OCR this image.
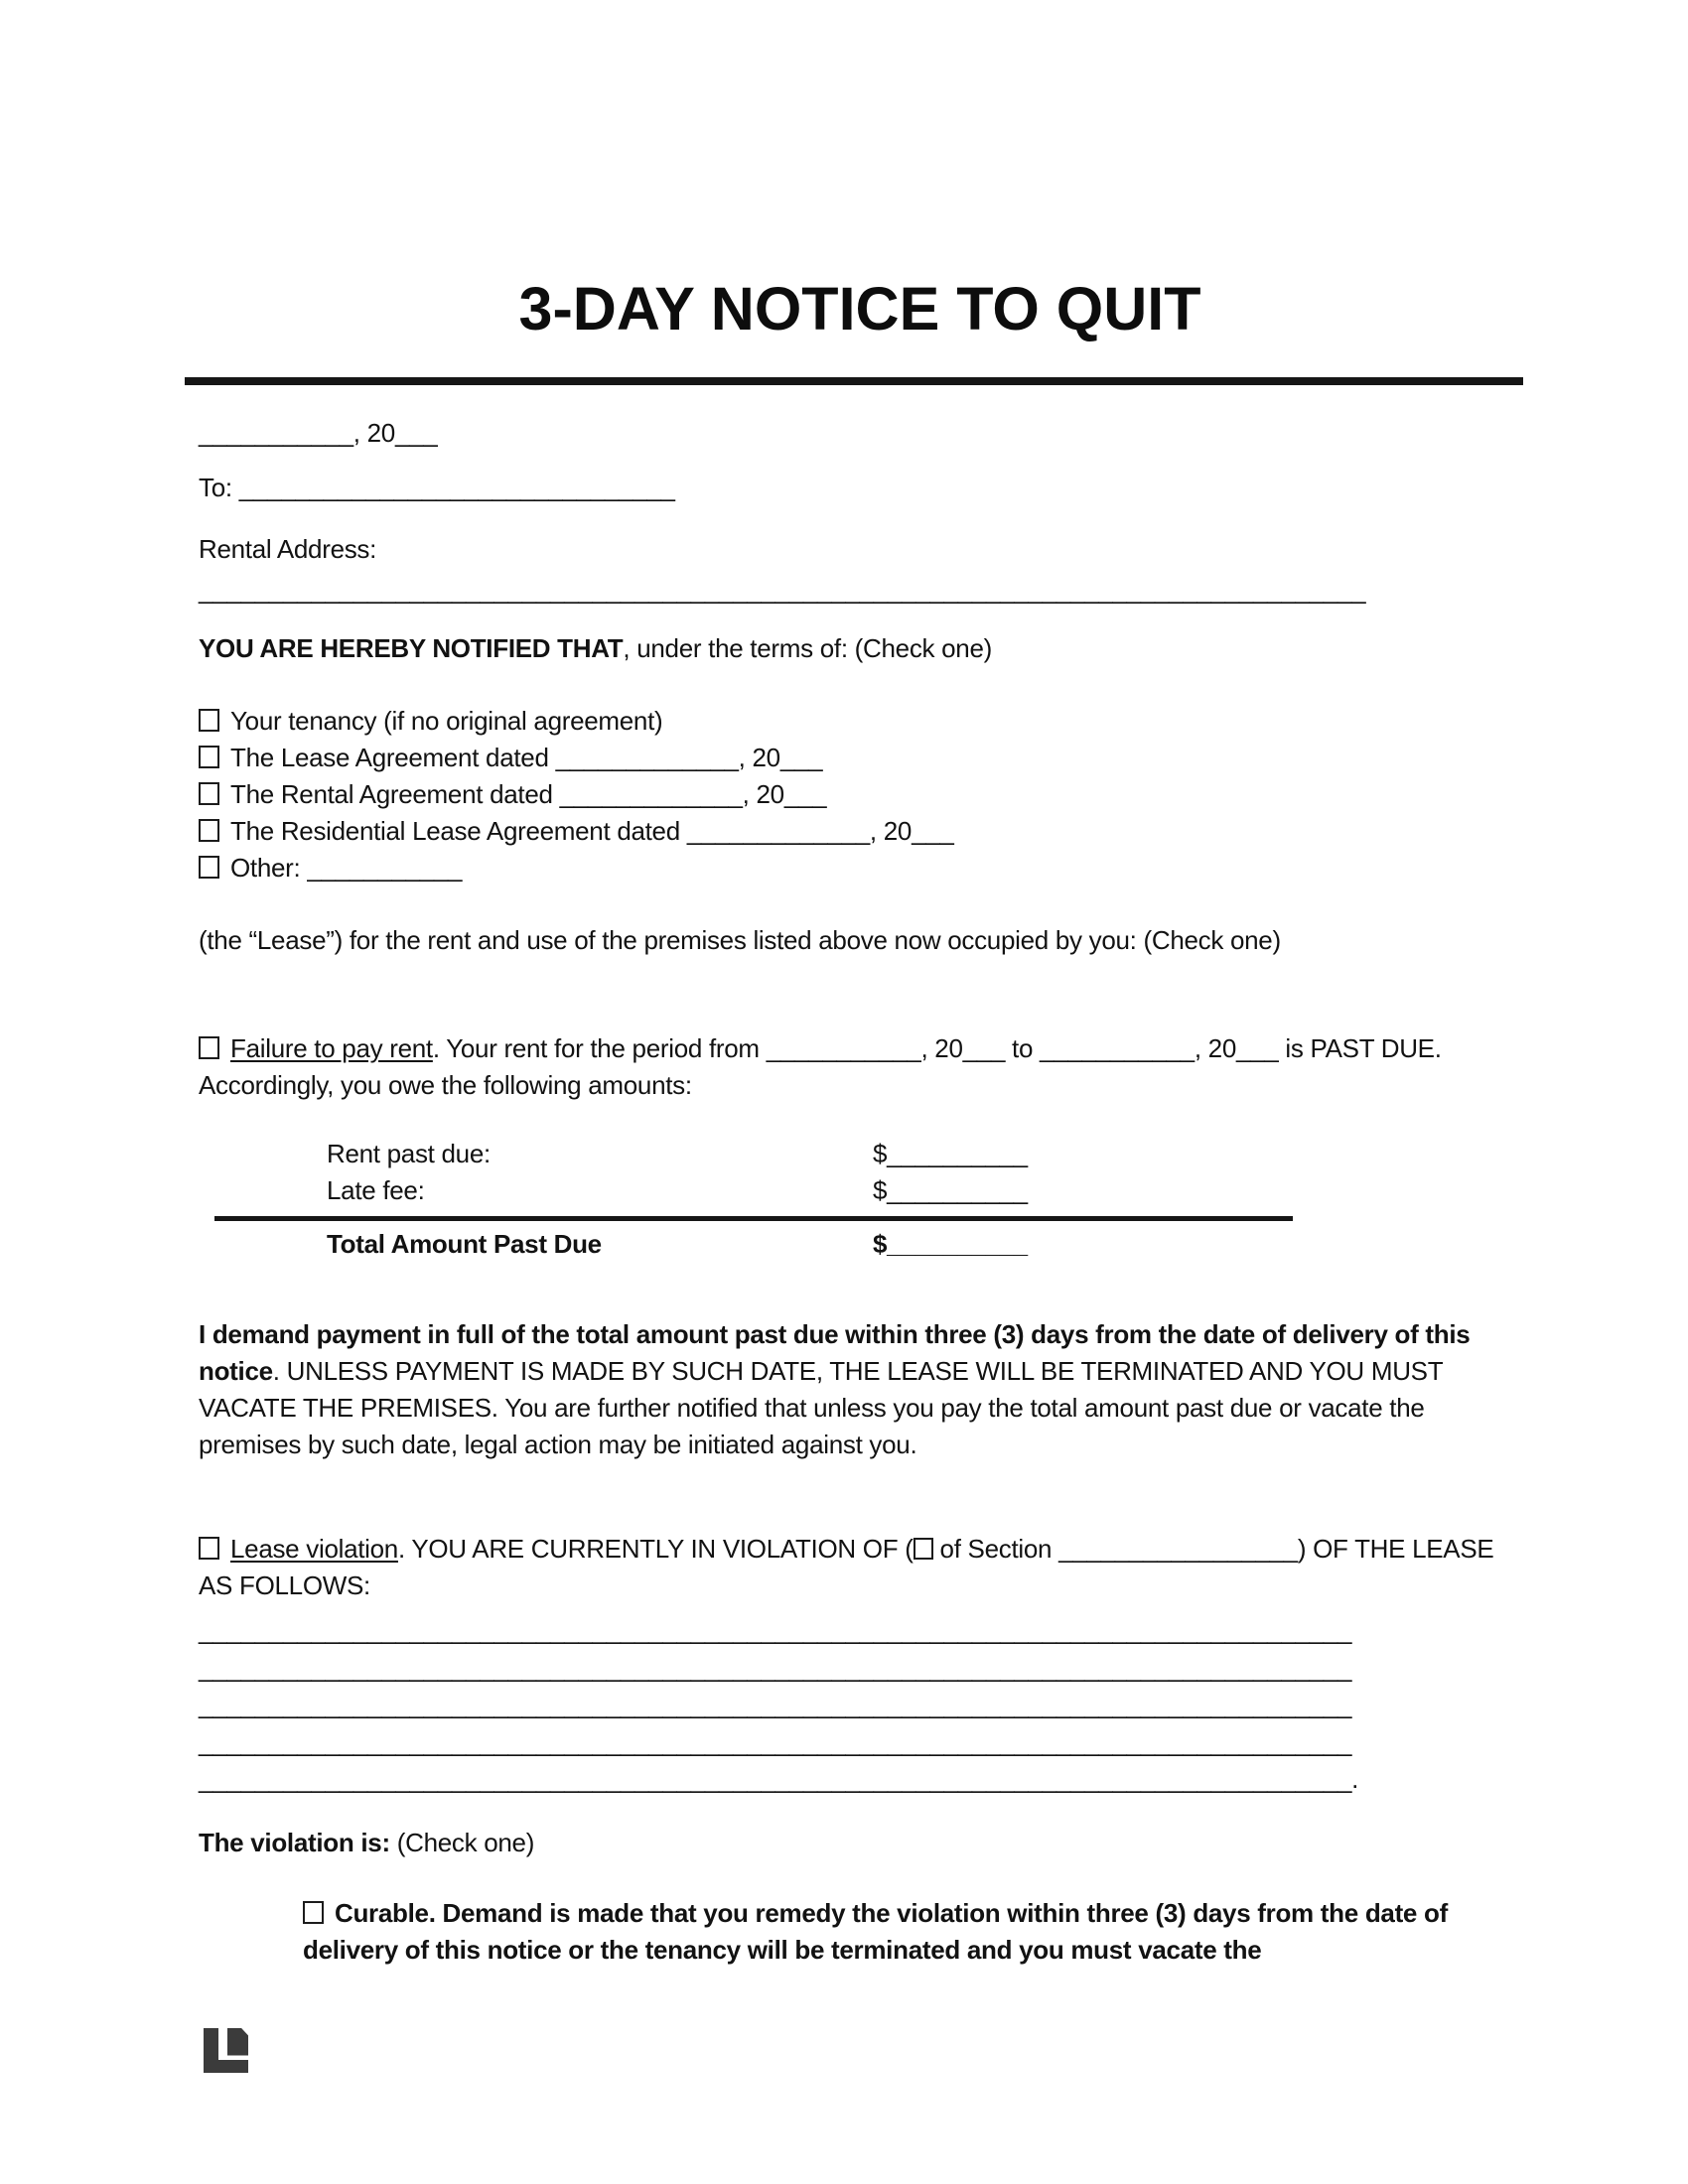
3-DAY NOTICE TO QUIT
___________, 20___
To: _______________________________
Rental Address:
___________________________________________________________________________________
YOU ARE HEREBY NOTIFIED THAT, under the terms of: (Check one)
Your tenancy (if no original agreement)
The Lease Agreement dated _____________, 20___
The Rental Agreement dated _____________, 20___
The Residential Lease Agreement dated _____________, 20___
Other: ___________
(the “Lease”) for the rent and use of the premises listed above now occupied by you: (Check one)
Failure to pay rent. Your rent for the period from ___________, 20___ to ___________, 20___ is PAST DUE. Accordingly, you owe the following amounts:
Rent past due:	$__________
Late fee:	$__________
Total Amount Past Due	$__________
I demand payment in full of the total amount past due within three (3) days from the date of delivery of this notice. UNLESS PAYMENT IS MADE BY SUCH DATE, THE LEASE WILL BE TERMINATED AND YOU MUST VACATE THE PREMISES. You are further notified that unless you pay the total amount past due or vacate the premises by such date, legal action may be initiated against you.
Lease violation. YOU ARE CURRENTLY IN VIOLATION OF ( of Section _________________) OF THE LEASE AS FOLLOWS:
__________________________________________________________________________________
__________________________________________________________________________________
__________________________________________________________________________________
__________________________________________________________________________________
__________________________________________________________________________________.
The violation is: (Check one)
Curable. Demand is made that you remedy the violation within three (3) days from the date of delivery of this notice or the tenancy will be terminated and you must vacate the
